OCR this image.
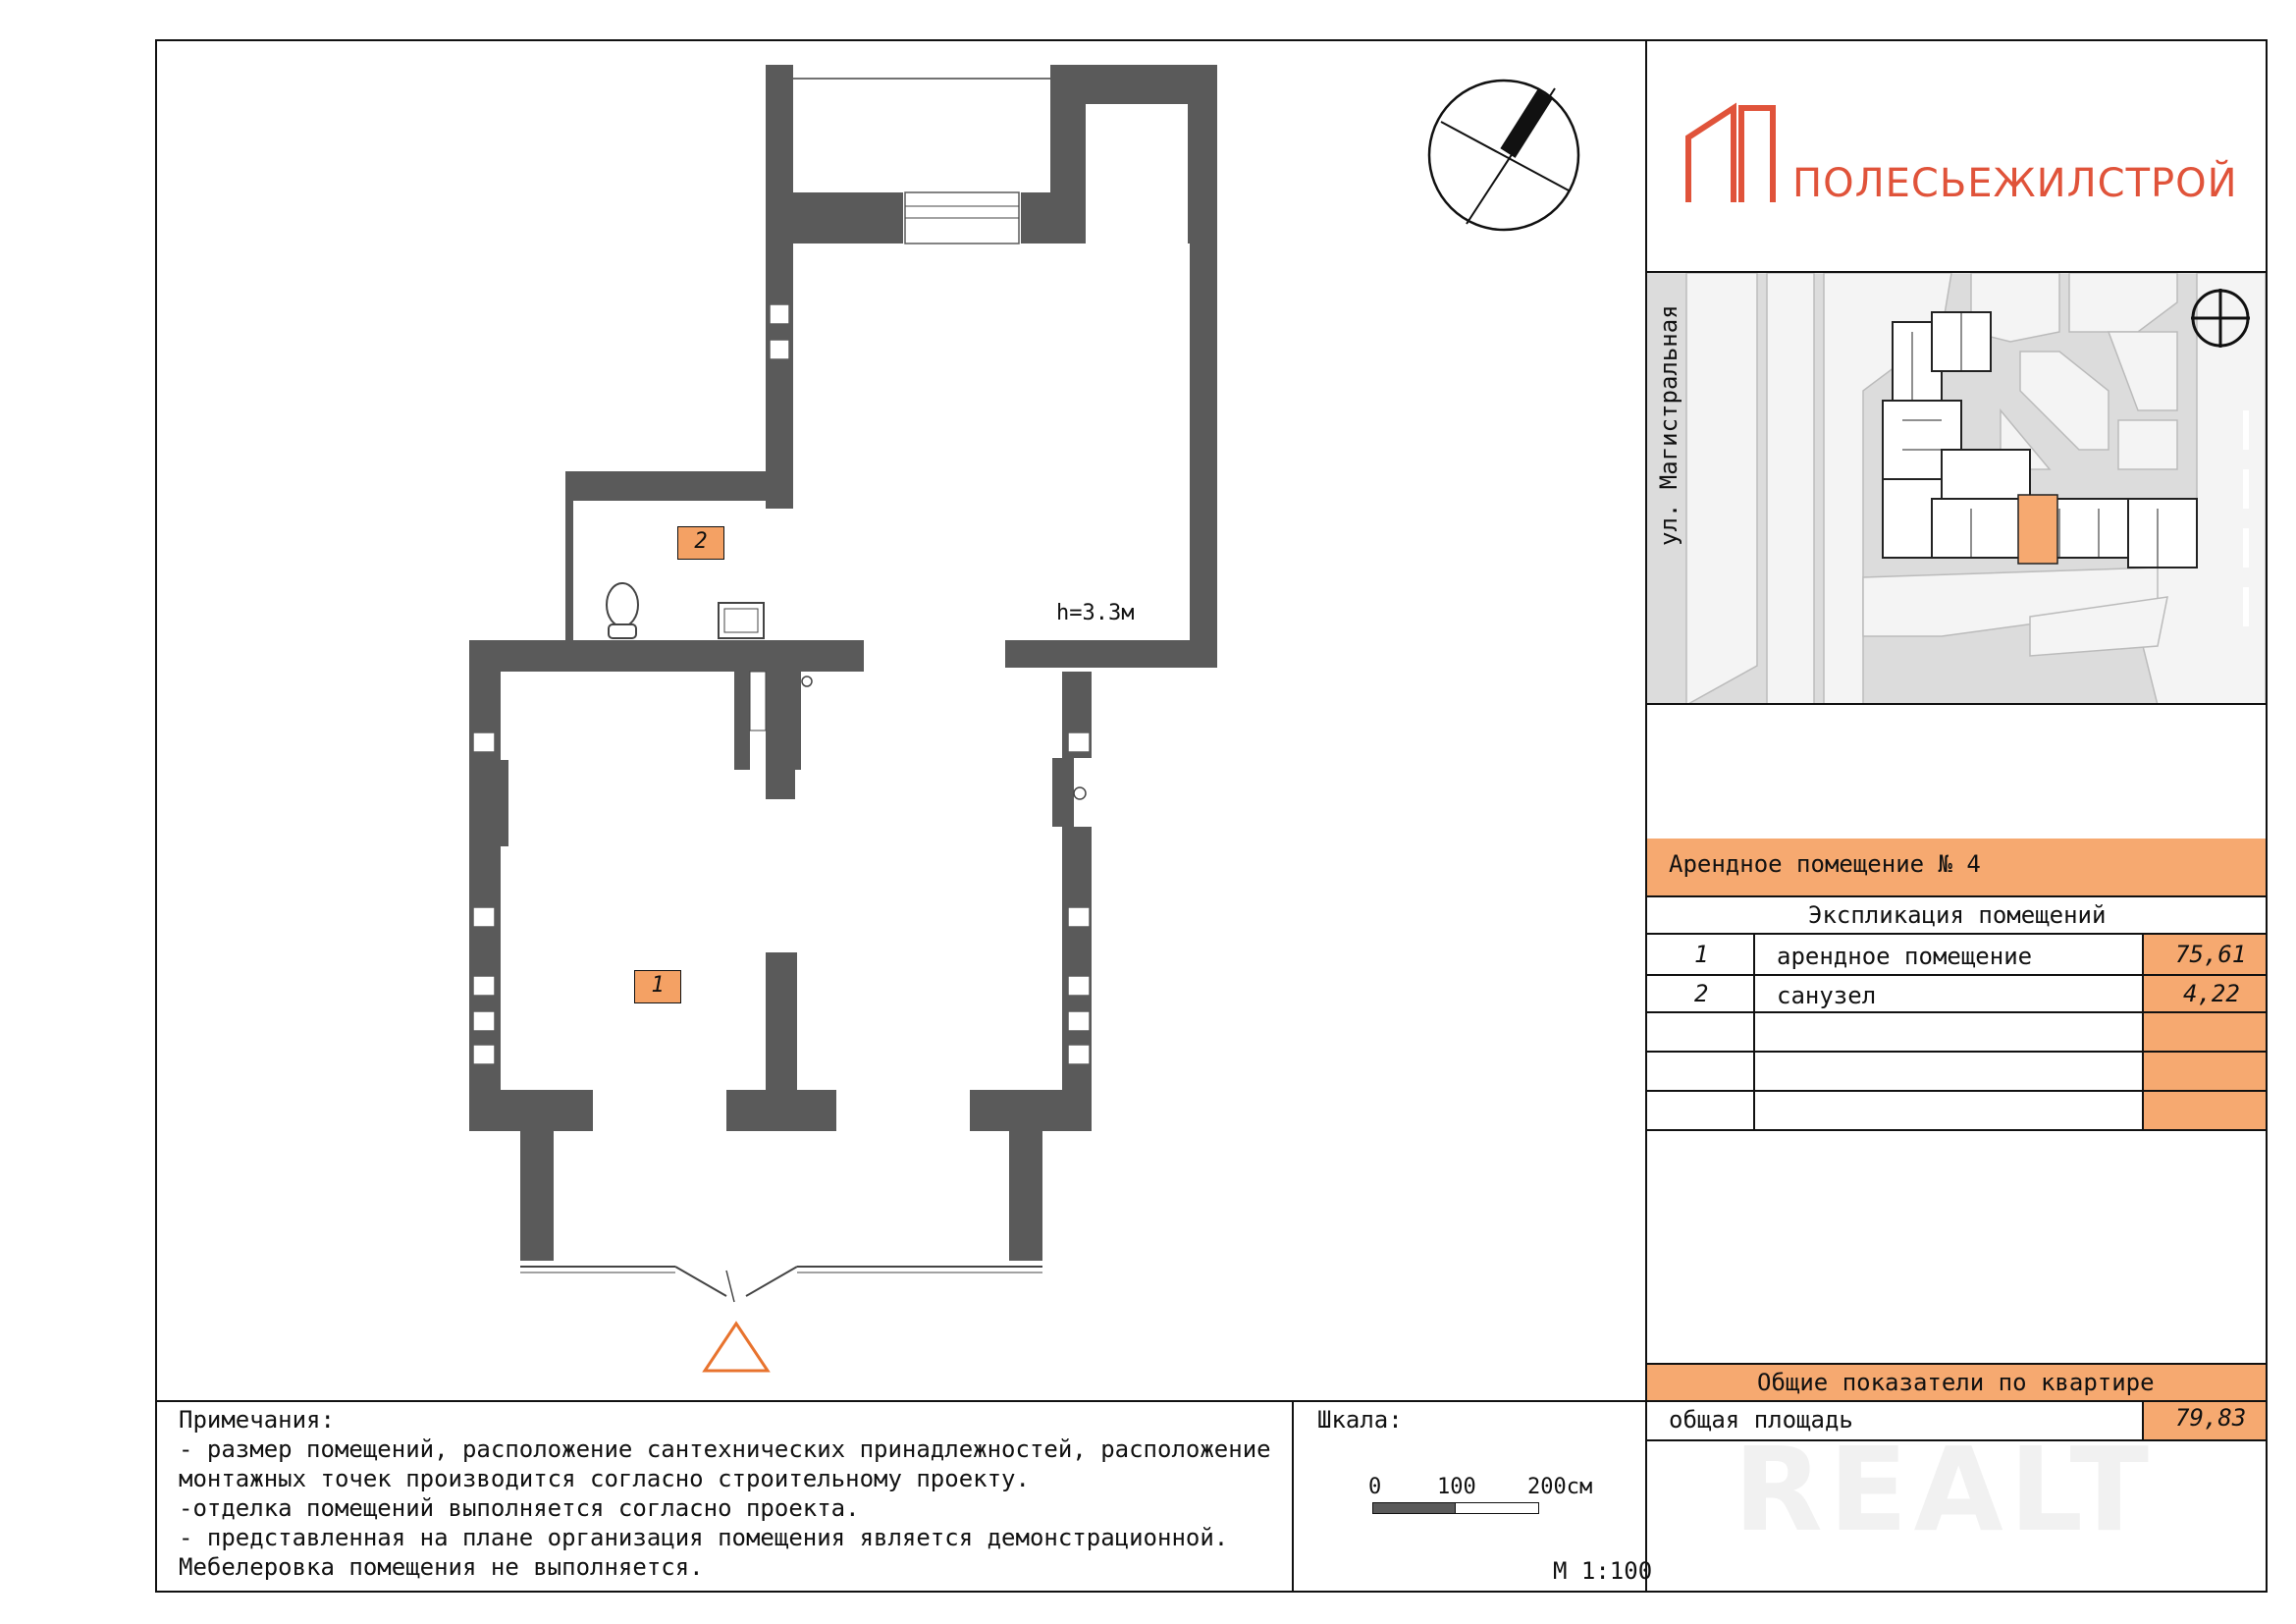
h=3.3м
2
1
ПОЛЕСЬЕЖИЛСТРОЙ
ул. Магистральная
Арендное помещение № 4
Экспликация помещений
1	арендное помещение	75,61
2	санузел	4,22
Общие показатели по квартире
общая площадь	79,83
Примечания:
- размер помещений, расположение сантехнических принадлежностей, расположение
монтажных точек производится согласно строительному проекту.
-отделка помещений выполняется согласно проекта.
- представленная на плане организация помещения является демонстрационной.
Мебелеровка помещения не выполняется.
Шкала:
0	100 200см
М 1:100
REALT
